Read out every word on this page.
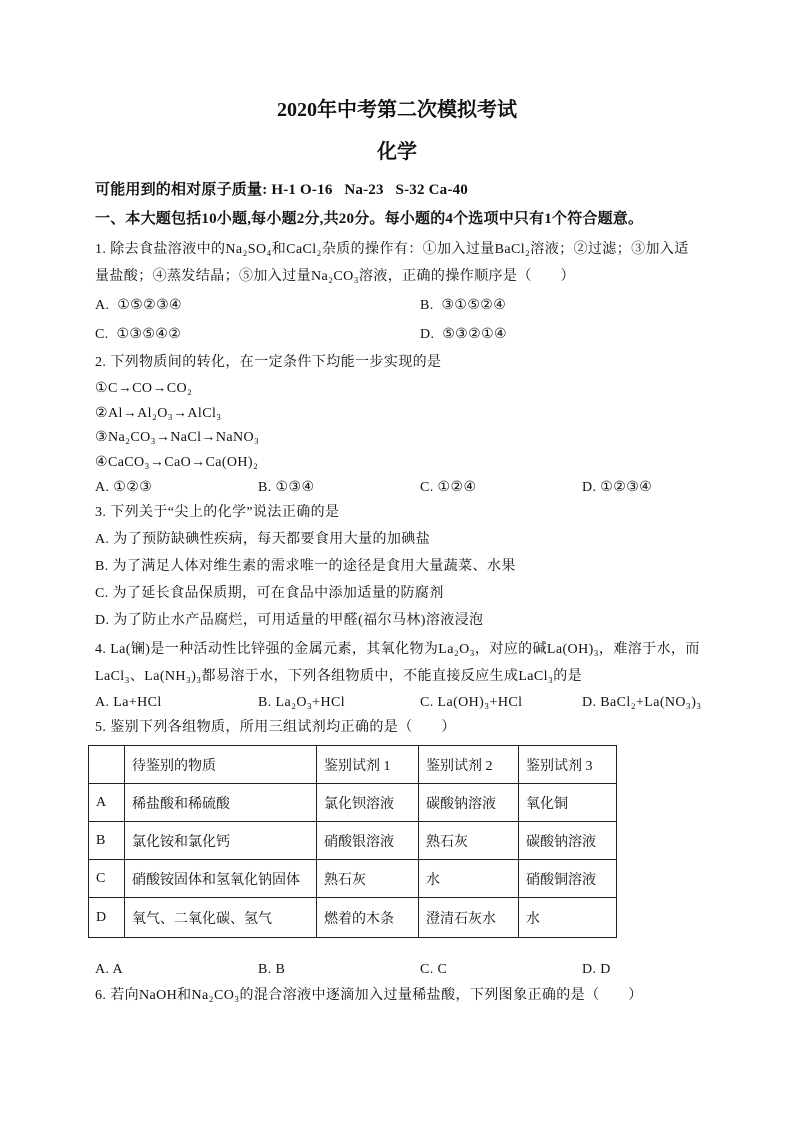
2020年中考第二次模拟考试
化学
可能用到的相对原子质量: H-1 O-16   Na-23   S-32 Ca-40
一、本大题包括10小题,每小题2分,共20分。每小题的4个选项中只有1个符合题意。
1. 除去食盐溶液中的Na₂SO₄和CaCl₂杂质的操作有：①加入过量BaCl₂溶液；②过滤；③加入适
量盐酸；④蒸发结晶；⑤加入过量Na₂CO₃溶液，正确的操作顺序是（　　）
A.  ①⑤②③④	B.  ③①⑤②④
C.  ①③⑤④②	D.  ⑤③②①④
2. 下列物质间的转化，在一定条件下均能一步实现的是
①C→CO→CO₂
②Al→Al₂O₃→AlCl₃
③Na₂CO₃→NaCl→NaNO₃
④CaCO₃→CaO→Ca(OH)₂
A. ①②③	B. ①③④	C. ①②④	D. ①②③④
3. 下列关于“尖上的化学”说法正确的是
A. 为了预防缺碘性疾病，每天都要食用大量的加碘盐
B. 为了满足人体对维生素的需求唯一的途径是食用大量蔬菜、水果
C. 为了延长食品保质期，可在食品中添加适量的防腐剂
D. 为了防止水产品腐烂，可用适量的甲醛(福尔马林)溶液浸泡
4. La(镧)是一种活动性比锌强的金属元素，其氧化物为La₂O₃，对应的碱La(OH)₃，难溶于水，而
LaCl₃、La(NH₃)₃都易溶于水，下列各组物质中，不能直接反应生成LaCl₃的是
A. La+HCl	B. La₂O₃+HCl	C. La(OH)₃+HCl	D. BaCl₂+La(NO₃)₃
5. 鉴别下列各组物质，所用三组试剂均正确的是（　　）
	待鉴别的物质	鉴别试剂 1	鉴别试剂 2	鉴别试剂 3
A	稀盐酸和稀硫酸	氯化钡溶液	碳酸钠溶液	氧化铜
B	氯化铵和氯化钙	硝酸银溶液	熟石灰	碳酸钠溶液
C	硝酸铵固体和氢氧化钠固体	熟石灰	水	硝酸铜溶液
D	氧气、二氧化碳、氢气	燃着的木条	澄清石灰水	水
A. A	B. B	C. C	D. D
6. 若向NaOH和Na₂CO₃的混合溶液中逐滴加入过量稀盐酸，下列图象正确的是（　　）
